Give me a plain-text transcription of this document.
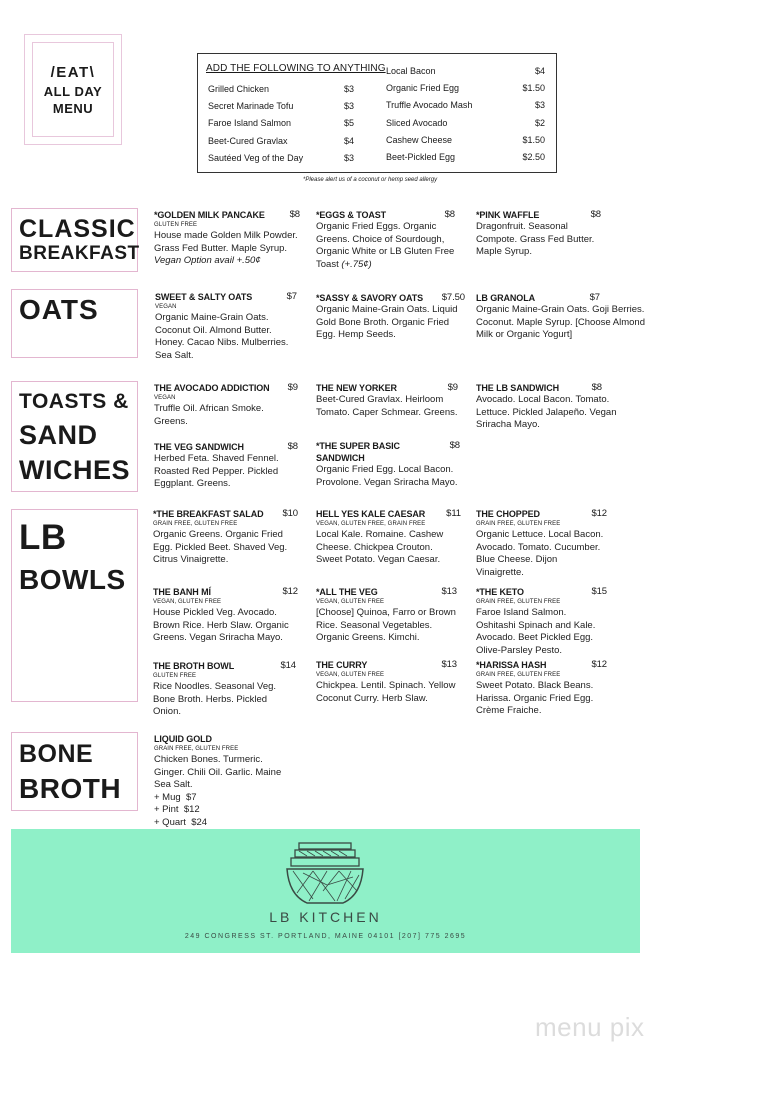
/EAT\
ALL DAY
MENU
ADD THE FOLLOWING TO ANYTHING
Grilled Chicken	$3
Secret Marinade Tofu	$3
Faroe Island Salmon	$5
Beet-Cured Gravlax	$4
Sautéed Veg of the Day	$3
Local Bacon	$4
Organic Fried Egg	$1.50
Truffle Avocado Mash	$3
Sliced Avocado	$2
Cashew Cheese	$1.50
Beet-Pickled Egg	$2.50
*Please alert us of a coconut or hemp seed allergy
CLASSIC
BREAKFAST
OATS
TOASTS &
SAND
WICHES
LB
BOWLS
BONE
BROTH
*GOLDEN MILK PANCAKE	$8
GLUTEN FREE
House made Golden Milk Powder. Grass Fed Butter. Maple Syrup.
Vegan Option avail +.50¢
*EGGS & TOAST	$8
Organic Fried Eggs. Organic Greens. Choice of Sourdough, Organic White or LB Gluten Free Toast (+.75¢)
*PINK WAFFLE	$8
Dragonfruit. Seasonal Compote. Grass Fed Butter. Maple Syrup.
SWEET & SALTY OATS	$7
VEGAN
Organic Maine-Grain Oats. Coconut Oil. Almond Butter. Honey. Cacao Nibs. Mulberries. Sea Salt.
*SASSY & SAVORY OATS	$7.50
Organic Maine-Grain Oats. Liquid Gold Bone Broth. Organic Fried Egg. Hemp Seeds.
LB GRANOLA	$7
Organic Maine-Grain Oats. Goji Berries. Coconut. Maple Syrup. [Choose Almond Milk or Organic Yogurt]
THE AVOCADO ADDICTION	$9
VEGAN
Truffle Oil. African Smoke. Greens.
THE NEW YORKER	$9
Beet-Cured Gravlax. Heirloom Tomato. Caper Schmear. Greens.
THE LB SANDWICH	$8
Avocado. Local Bacon. Tomato. Lettuce. Pickled Jalapeño. Vegan Sriracha Mayo.
THE VEG SANDWICH	$8
Herbed Feta. Shaved Fennel. Roasted Red Pepper. Pickled Eggplant. Greens.
*THE SUPER BASIC SANDWICH
$8
Organic Fried Egg. Local Bacon. Provolone. Vegan Sriracha Mayo.
*THE BREAKFAST SALAD	$10
GRAIN FREE, GLUTEN FREE
Organic Greens. Organic Fried Egg. Pickled Beet. Shaved Veg. Citrus Vinaigrette.
HELL YES KALE CAESAR	$11
VEGAN, GLUTEN FREE, GRAIN FREE
Local Kale. Romaine. Cashew Cheese. Chickpea Crouton. Sweet Potato. Vegan Caesar.
THE CHOPPED	$12
GRAIN FREE, GLUTEN FREE
Organic Lettuce. Local Bacon. Avocado. Tomato. Cucumber. Blue Cheese. Dijon Vinaigrette.
THE BANH MÍ	$12
VEGAN, GLUTEN FREE
House Pickled Veg. Avocado. Brown Rice. Herb Slaw. Organic Greens. Vegan Sriracha Mayo.
*ALL THE VEG	$13
VEGAN, GLUTEN FREE
[Choose] Quinoa, Farro or Brown Rice. Seasonal Vegetables. Organic Greens. Kimchi.
*THE KETO	$15
GRAIN FREE, GLUTEN FREE
Faroe Island Salmon. Oshitashi Spinach and Kale. Avocado. Beet Pickled Egg. Olive-Parsley Pesto.
THE BROTH BOWL	$14
GLUTEN FREE
Rice Noodles. Seasonal Veg. Bone Broth. Herbs. Pickled Onion.
THE CURRY	$13
VEGAN, GLUTEN FREE
Chickpea. Lentil. Spinach. Yellow Coconut Curry. Herb Slaw.
*HARISSA HASH	$12
GRAIN FREE, GLUTEN FREE
Sweet Potato. Black Beans. Harissa. Organic Fried Egg. Crème Fraiche.
LIQUID GOLD
GRAIN FREE, GLUTEN FREE
Chicken Bones. Turmeric. Ginger. Chili Oil. Garlic. Maine Sea Salt.
+ Mug $7
+ Pint $12
+ Quart $24
LB KITCHEN
249 CONGRESS ST. PORTLAND, MAINE 04101 [207] 775 2695
menu pix
